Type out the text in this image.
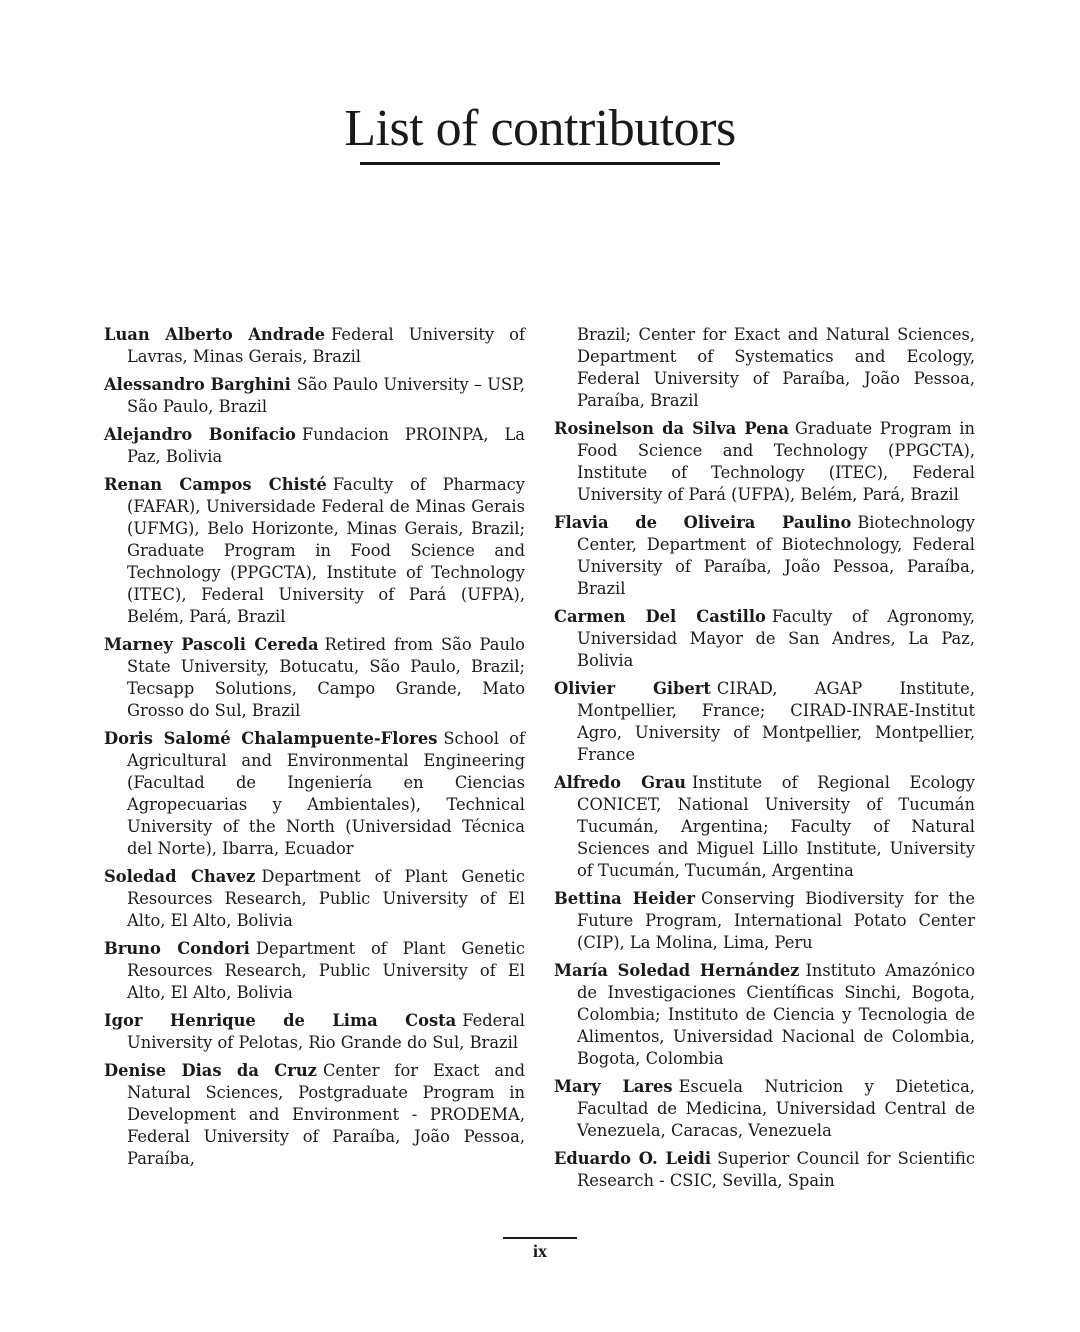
List of contributors

Luan Alberto Andrade Federal University of Lavras, Minas Gerais, Brazil

Alessandro Barghini São Paulo University – USP, São Paulo, Brazil

Alejandro Bonifacio Fundacion PROINPA, La Paz, Bolivia

Renan Campos Chisté Faculty of Pharmacy (FAFAR), Universidade Federal de Minas Gerais (UFMG), Belo Horizonte, Minas Gerais, Brazil; Graduate Program in Food Science and Technology (PPGCTA), Institute of Technology (ITEC), Federal University of Pará (UFPA), Belém, Pará, Brazil

Marney Pascoli Cereda Retired from São Paulo State University, Botucatu, São Paulo, Brazil; Tecsapp Solutions, Campo Grande, Mato Grosso do Sul, Brazil

Doris Salomé Chalampuente-Flores School of Agricultural and Environmental Engineering (Facultad de Ingeniería en Ciencias Agropecuarias y Ambientales), Technical University of the North (Universidad Técnica del Norte), Ibarra, Ecuador

Soledad Chavez Department of Plant Genetic Resources Research, Public University of El Alto, El Alto, Bolivia

Bruno Condori Department of Plant Genetic Resources Research, Public University of El Alto, El Alto, Bolivia

Igor Henrique de Lima Costa Federal University of Pelotas, Rio Grande do Sul, Brazil

Denise Dias da Cruz Center for Exact and Natural Sciences, Postgraduate Program in Development and Environment - PRODEMA, Federal University of Paraíba, João Pessoa, Paraíba,

Brazil; Center for Exact and Natural Sciences, Department of Systematics and Ecology, Federal University of Paraíba, João Pessoa, Paraíba, Brazil

Rosinelson da Silva Pena Graduate Program in Food Science and Technology (PPGCTA), Institute of Technology (ITEC), Federal University of Pará (UFPA), Belém, Pará, Brazil

Flavia de Oliveira Paulino Biotechnology Center, Department of Biotechnology, Federal University of Paraíba, João Pessoa, Paraíba, Brazil

Carmen Del Castillo Faculty of Agronomy, Universidad Mayor de San Andres, La Paz, Bolivia

Olivier Gibert CIRAD, AGAP Institute, Montpellier, France; CIRAD-INRAE-Institut Agro, University of Montpellier, Montpellier, France

Alfredo Grau Institute of Regional Ecology CONICET, National University of Tucumán Tucumán, Argentina; Faculty of Natural Sciences and Miguel Lillo Institute, University of Tucumán, Tucumán, Argentina

Bettina Heider Conserving Biodiversity for the Future Program, International Potato Center (CIP), La Molina, Lima, Peru

María Soledad Hernández Instituto Amazónico de Investigaciones Científicas Sinchi, Bogota, Colombia; Instituto de Ciencia y Tecnologia de Alimentos, Universidad Nacional de Colombia, Bogota, Colombia

Mary Lares Escuela Nutricion y Dietetica, Facultad de Medicina, Universidad Central de Venezuela, Caracas, Venezuela

Eduardo O. Leidi Superior Council for Scientific Research - CSIC, Sevilla, Spain

ix
